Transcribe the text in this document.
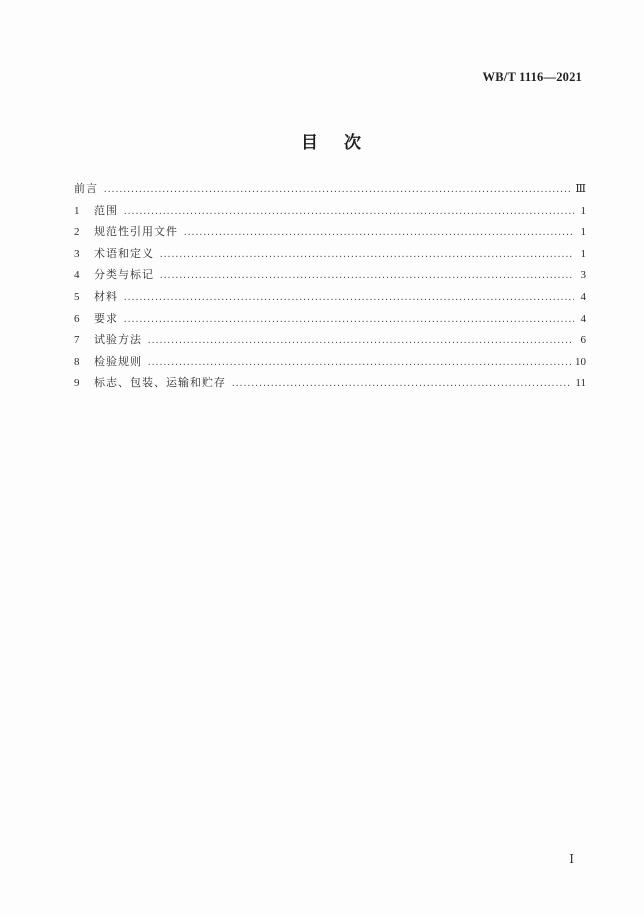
WB/T 1116—2021
目次
前言 .....	Ⅲ
1	范围 .....	1
2	规范性引用文件 .....	1
3	术语和定义 .....	1
4	分类与标记 .....	3
5	材料 .....	4
6	要求 .....	4
7	试验方法 .....	6
8	检验规则 .....	10
9	标志、包装、运输和贮存 .....	11
Ⅰ
